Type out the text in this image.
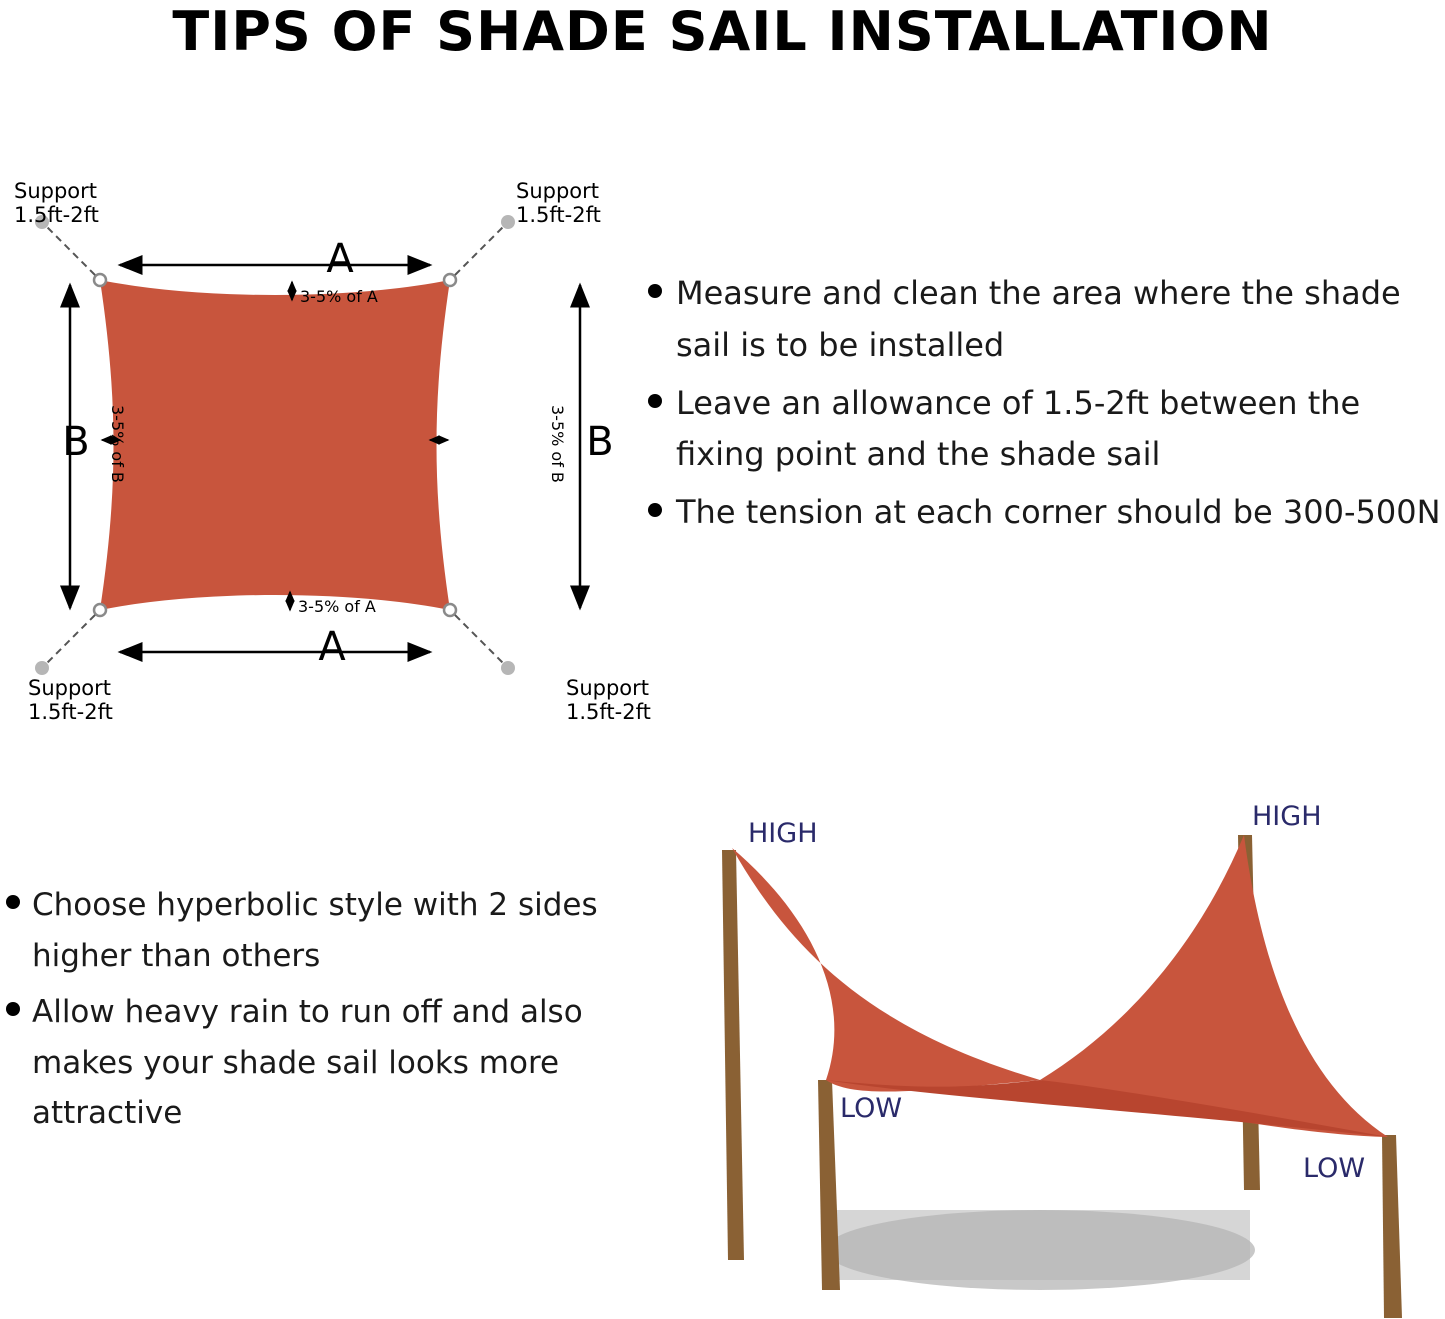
TIPS OF SHADE SAIL INSTALLATION
A
A
B	B
3-5% of A
3-5% of A
3-5% of B	3-5% of B
Support
1.5ft-2ft
Support
1.5ft-2ft
Support
1.5ft-2ft
Support
1.5ft-2ft
Measure and clean the area where the shade sail is to be installed
Leave an allowance of 1.5-2ft between the fixing point and the shade sail
The tension at each corner should be 300-500N
Choose hyperbolic style with 2 sides higher than others
Allow heavy rain to run off and also makes your shade sail looks more attractive
HIGH
HIGH
LOW
LOW
